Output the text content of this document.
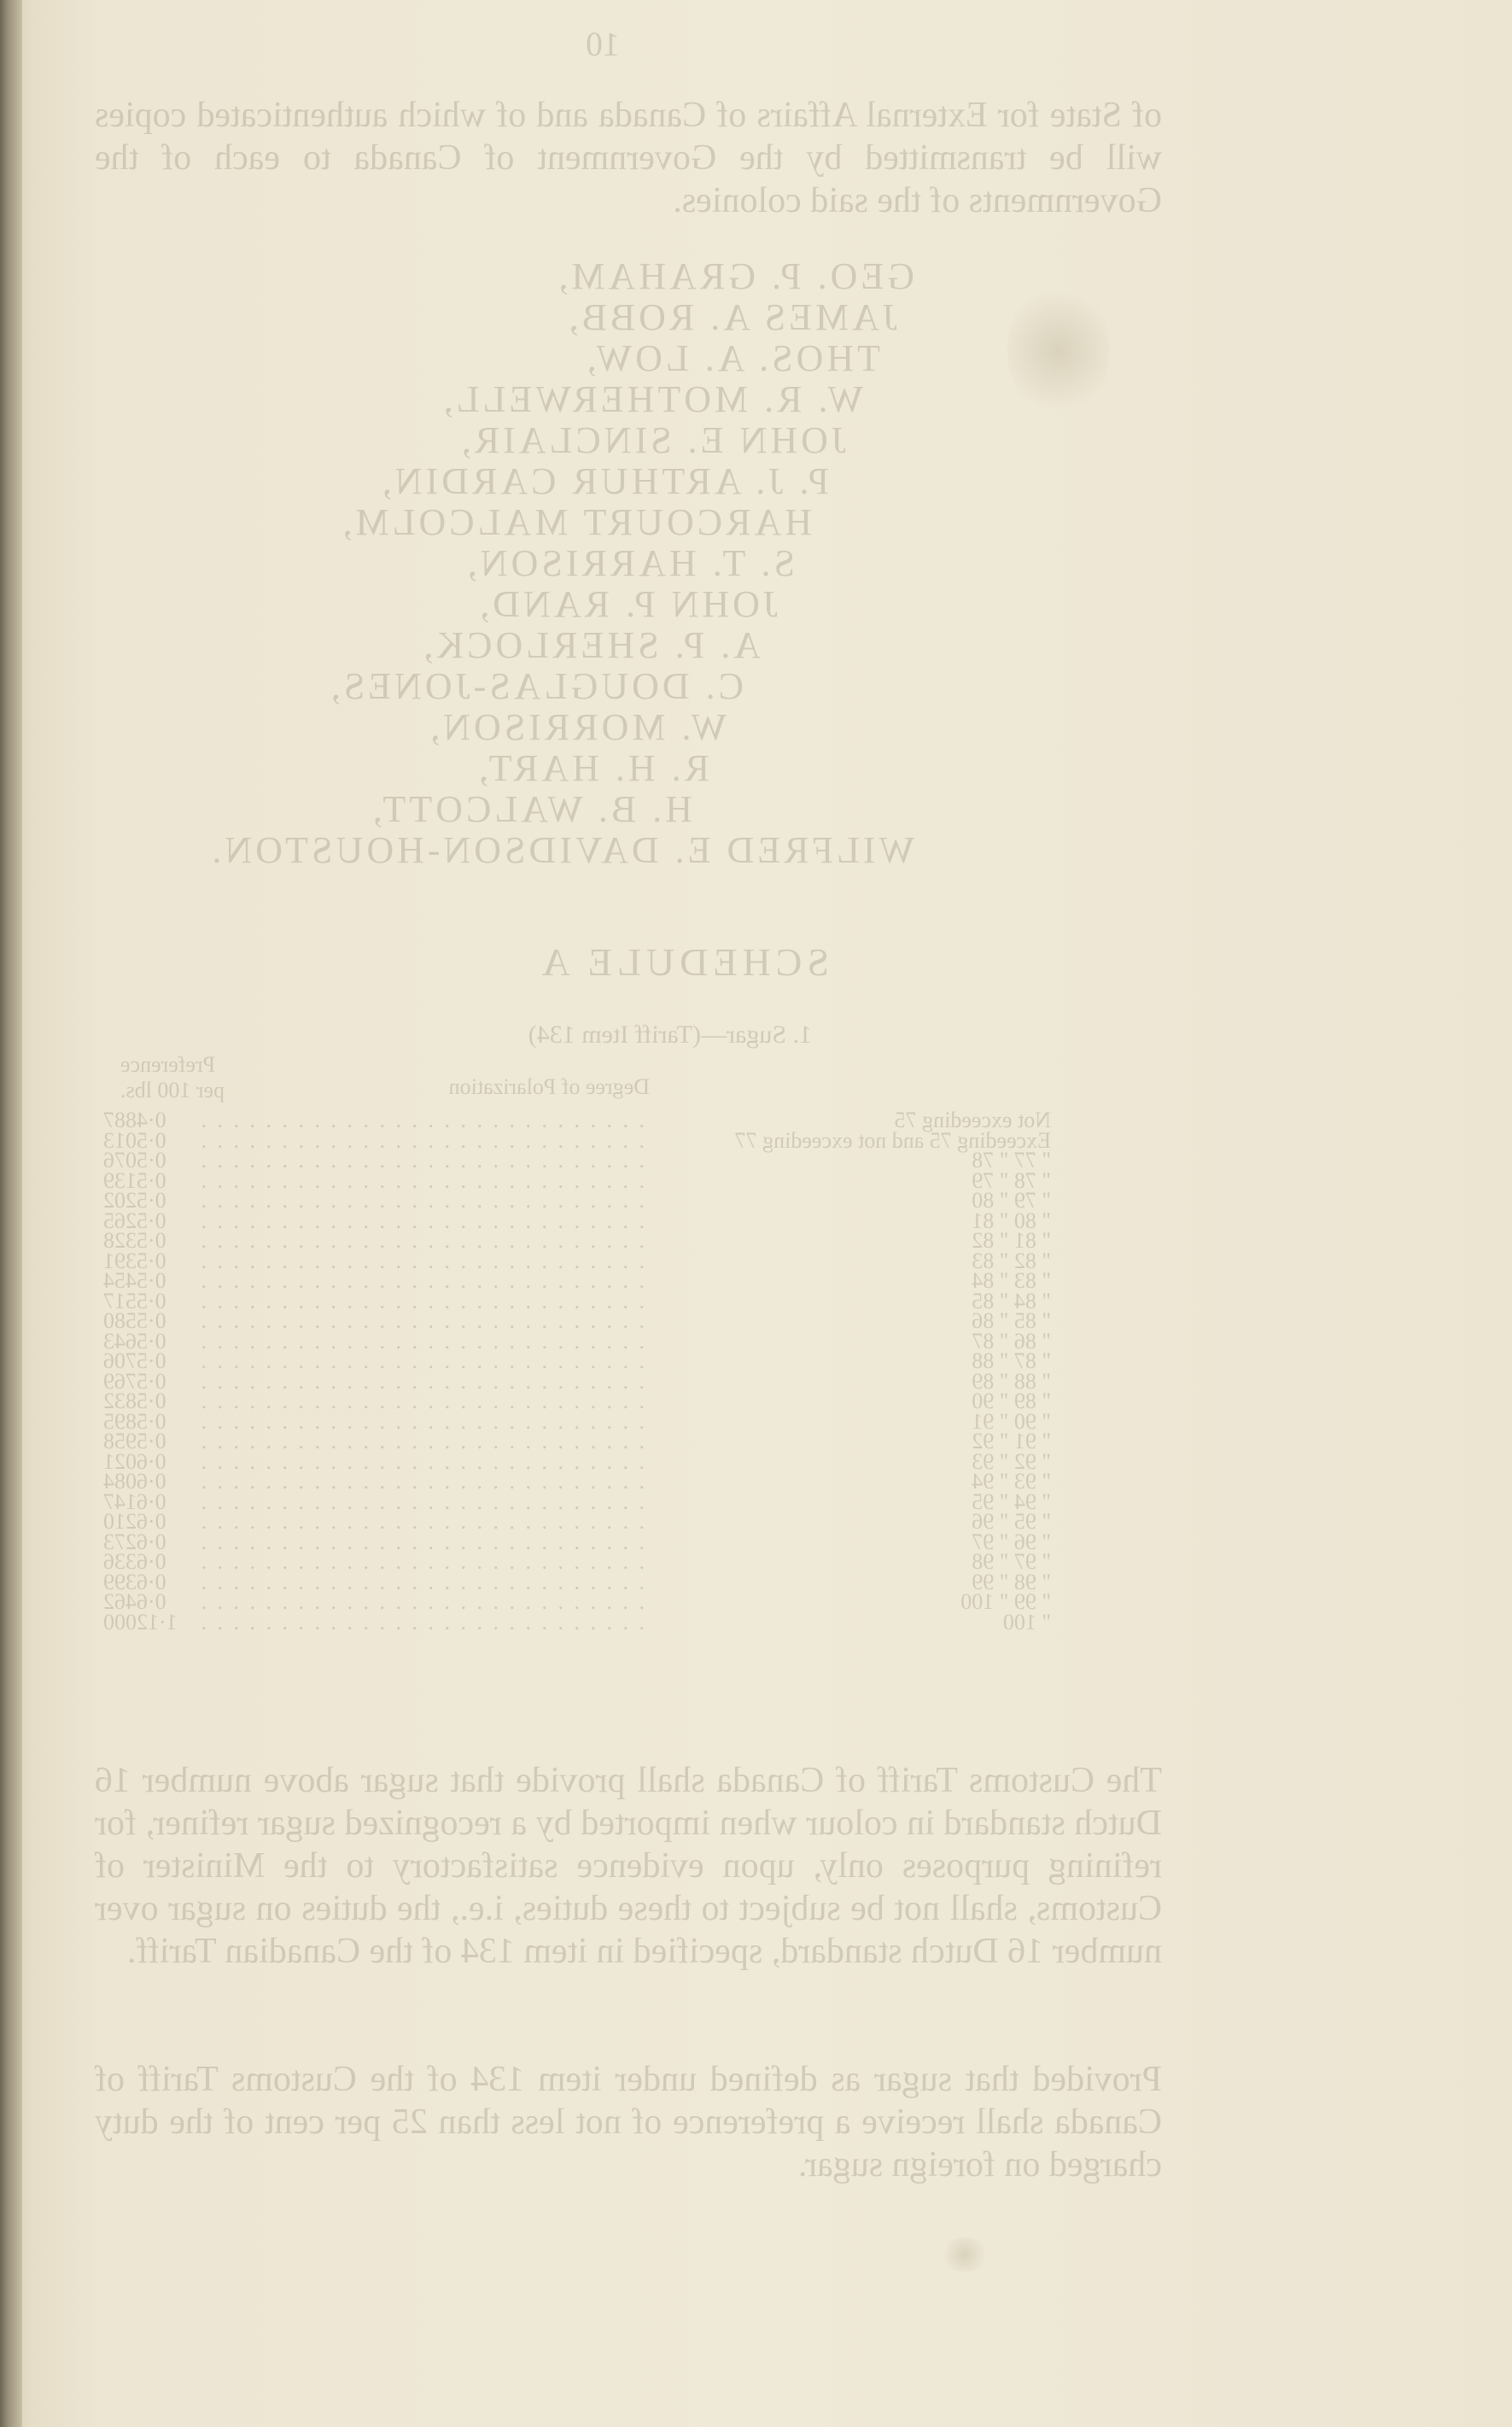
10

of State for External Affairs of Canada and of which authenticated copies will be transmitted by the Government of Canada to each of the Governments of the said colonies.

GEO. P. GRAHAM,
JAMES A. ROBB,
THOS. A. LOW,
W. R. MOTHERWELL,
JOHN E. SINCLAIR,
P. J. ARTHUR CARDIN,
HARCOURT MALCOLM,
S. T. HARRISON,
JOHN P. RAND,
A. P. SHERLOCK,
C. DOUGLAS-JONES,
W. MORRISON,
R. H. HART,
H. B. WALCOTT,
WILFRED E. DAVIDSON-HOUSTON.
SCHEDULE A
1. Sugar—(Tariff Item 134)
Degree of Polarization
Preference per 100 lbs.
Not exceeding 75	. . . . . . . . . . . . . . . . . . . . . . . . . . . .	0·4887
Exceeding 75 and not exceeding 77	. . . . . . . . . . . . . . . . . . . . . . . . . . . .	0·5013
" 77 " 78	. . . . . . . . . . . . . . . . . . . . . . . . . . . .	0·5076
" 78 " 79	. . . . . . . . . . . . . . . . . . . . . . . . . . . .	0·5139
" 79 " 80	. . . . . . . . . . . . . . . . . . . . . . . . . . . .	0·5202
" 80 " 81	. . . . . . . . . . . . . . . . . . . . . . . . . . . .	0·5265
" 81 " 82	. . . . . . . . . . . . . . . . . . . . . . . . . . . .	0·5328
" 82 " 83	. . . . . . . . . . . . . . . . . . . . . . . . . . . .	0·5391
" 83 " 84	. . . . . . . . . . . . . . . . . . . . . . . . . . . .	0·5454
" 84 " 85	. . . . . . . . . . . . . . . . . . . . . . . . . . . .	0·5517
" 85 " 86	. . . . . . . . . . . . . . . . . . . . . . . . . . . .	0·5580
" 86 " 87	. . . . . . . . . . . . . . . . . . . . . . . . . . . .	0·5643
" 87 " 88	. . . . . . . . . . . . . . . . . . . . . . . . . . . .	0·5706
" 88 " 89	. . . . . . . . . . . . . . . . . . . . . . . . . . . .	0·5769
" 89 " 90	. . . . . . . . . . . . . . . . . . . . . . . . . . . .	0·5832
" 90 " 91	. . . . . . . . . . . . . . . . . . . . . . . . . . . .	0·5895
" 91 " 92	. . . . . . . . . . . . . . . . . . . . . . . . . . . .	0·5958
" 92 " 93	. . . . . . . . . . . . . . . . . . . . . . . . . . . .	0·6021
" 93 " 94	. . . . . . . . . . . . . . . . . . . . . . . . . . . .	0·6084
" 94 " 95	. . . . . . . . . . . . . . . . . . . . . . . . . . . .	0·6147
" 95 " 96	. . . . . . . . . . . . . . . . . . . . . . . . . . . .	0·6210
" 96 " 97	. . . . . . . . . . . . . . . . . . . . . . . . . . . .	0·6273
" 97 " 98	. . . . . . . . . . . . . . . . . . . . . . . . . . . .	0·6336
" 98 " 99	. . . . . . . . . . . . . . . . . . . . . . . . . . . .	0·6399
" 99 " 100	. . . . . . . . . . . . . . . . . . . . . . . . . . . .	0·6462
" 100	. . . . . . . . . . . . . . . . . . . . . . . . . . . .	1·12000

The Customs Tariff of Canada shall provide that sugar above number 16 Dutch standard in colour when imported by a recognized sugar refiner, for refining purposes only, upon evidence satisfactory to the Minister of Customs, shall not be subject to these duties, i.e., the duties on sugar over number 16 Dutch standard, specified in item 134 of the Canadian Tariff.

Provided that sugar as defined under item 134 of the Customs Tariff of Canada shall receive a preference of not less than 25 per cent of the duty charged on foreign sugar.
